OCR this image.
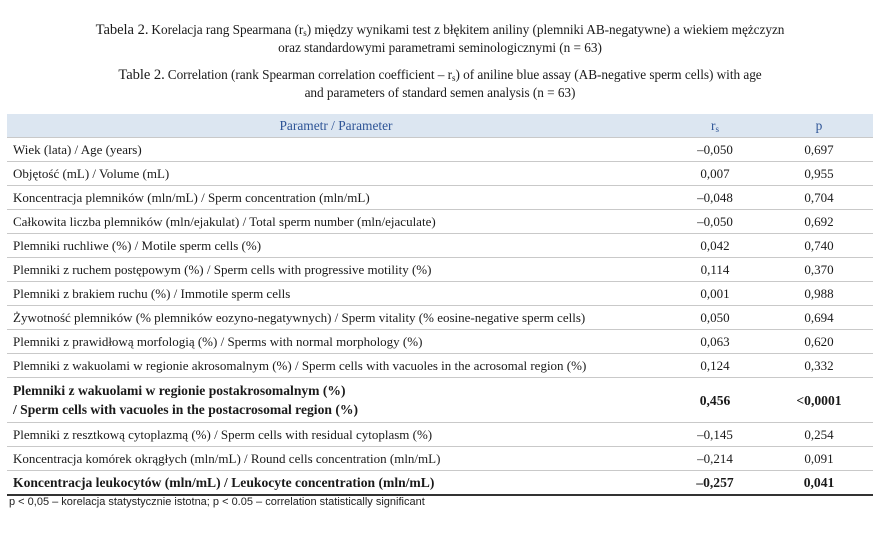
Tabela 2. Korelacja rang Spearmana $(r_s)$ między wynikami test z błękitem aniliny (plemniki AB-negatywne) a wiekiem mężczyzn
oraz standardowymi parametrami seminologicznymi (n = 63)
Table 2. Correlation (rank Spearman correlation coefficient – $r_s$) of aniline blue assay (AB-negative sperm cells) with age
and parameters of standard semen analysis (n = 63)
Parametr / Parameter	$r_s$	p
Wiek (lata) / Age (years)	–0,050	0,697
Objętość (mL) / Volume (mL)	0,007	0,955
Koncentracja plemników (mln/mL) / Sperm concentration (mln/mL)	–0,048	0,704
Całkowita liczba plemników (mln/ejakulat) / Total sperm number (mln/ejaculate)	–0,050	0,692
Plemniki ruchliwe (%) / Motile sperm cells (%)	0,042	0,740
Plemniki z ruchem postępowym (%) / Sperm cells with progressive motility (%)	0,114	0,370
Plemniki z brakiem ruchu (%) / Immotile sperm cells	0,001	0,988
Żywotność plemników (% plemników eozyno-negatywnych) / Sperm vitality (% eosine-negative sperm cells)	0,050	0,694
Plemniki z prawidłową morfologią (%) / Sperms with normal morphology (%)	0,063	0,620
Plemniki z wakuolami w regionie akrosomalnym (%) / Sperm cells with vacuoles in the acrosomal region (%)	0,124	0,332
Plemniki z wakuolami w regionie postakrosomalnym (%)
/ Sperm cells with vacuoles in the postacrosomal region (%)	0,456	<0,0001
Plemniki z resztkową cytoplazmą (%) / Sperm cells with residual cytoplasm (%)	–0,145	0,254
Koncentracja komórek okrągłych (mln/mL) / Round cells concentration (mln/mL)	–0,214	0,091
Koncentracja leukocytów (mln/mL) / Leukocyte concentration (mln/mL)	–0,257	0,041
p < 0,05 – korelacja statystycznie istotna; p < 0.05 – correlation statistically significant
